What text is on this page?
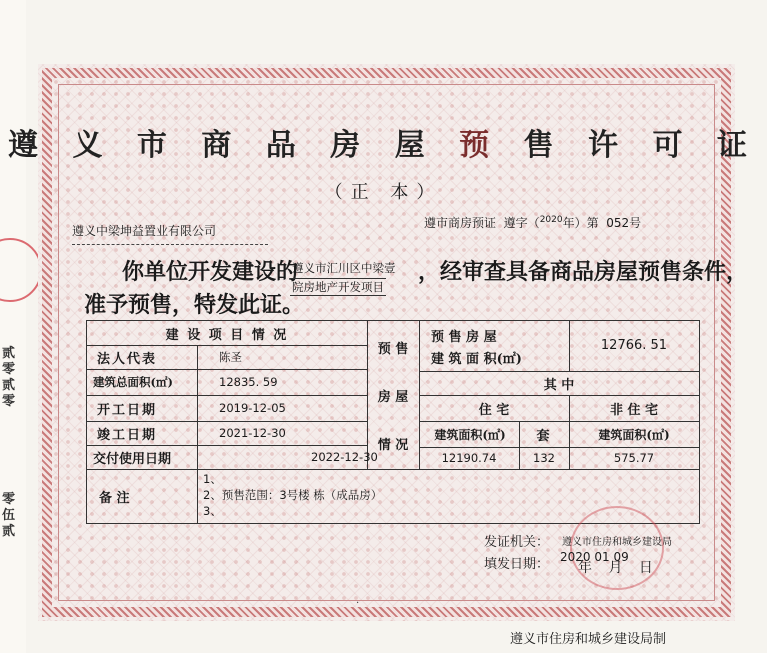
贰
零
贰
零
零
伍
贰
遵 义 市 商 品 房 屋 预 售 许 可 证
（正 本）
遵义中梁坤益置业有限公司
遵市商房预证 遵字（$^{2020}$年）第 052号
你单位开发建设的
遵义市汇川区中梁壹
院房地产开发项目
，经审查具备商品房屋预售条件，
准予预售，特发此证。
建 设 项 目 情 况
法人代表	陈圣
建筑总面积(㎡)	12835. 59
开工日期	2019-12-05
竣工日期	2021-12-30
交付使用日期	2022-12-30
备 注
1、
2、预售范围：3号楼 栋（成品房）
3、
预 售
房 屋
情 况
预 售 房 屋
建 筑 面 积(㎡)
12766. 51
其 中
住 宅	非 住 宅
建筑面积(㎡)	套	建筑面积(㎡)
12190.74	132	575.77
发证机关： 遵义市住房和城乡建设局
填发日期： 2020 01 09
年 月 日
·
遵义市住房和城乡建设局制
